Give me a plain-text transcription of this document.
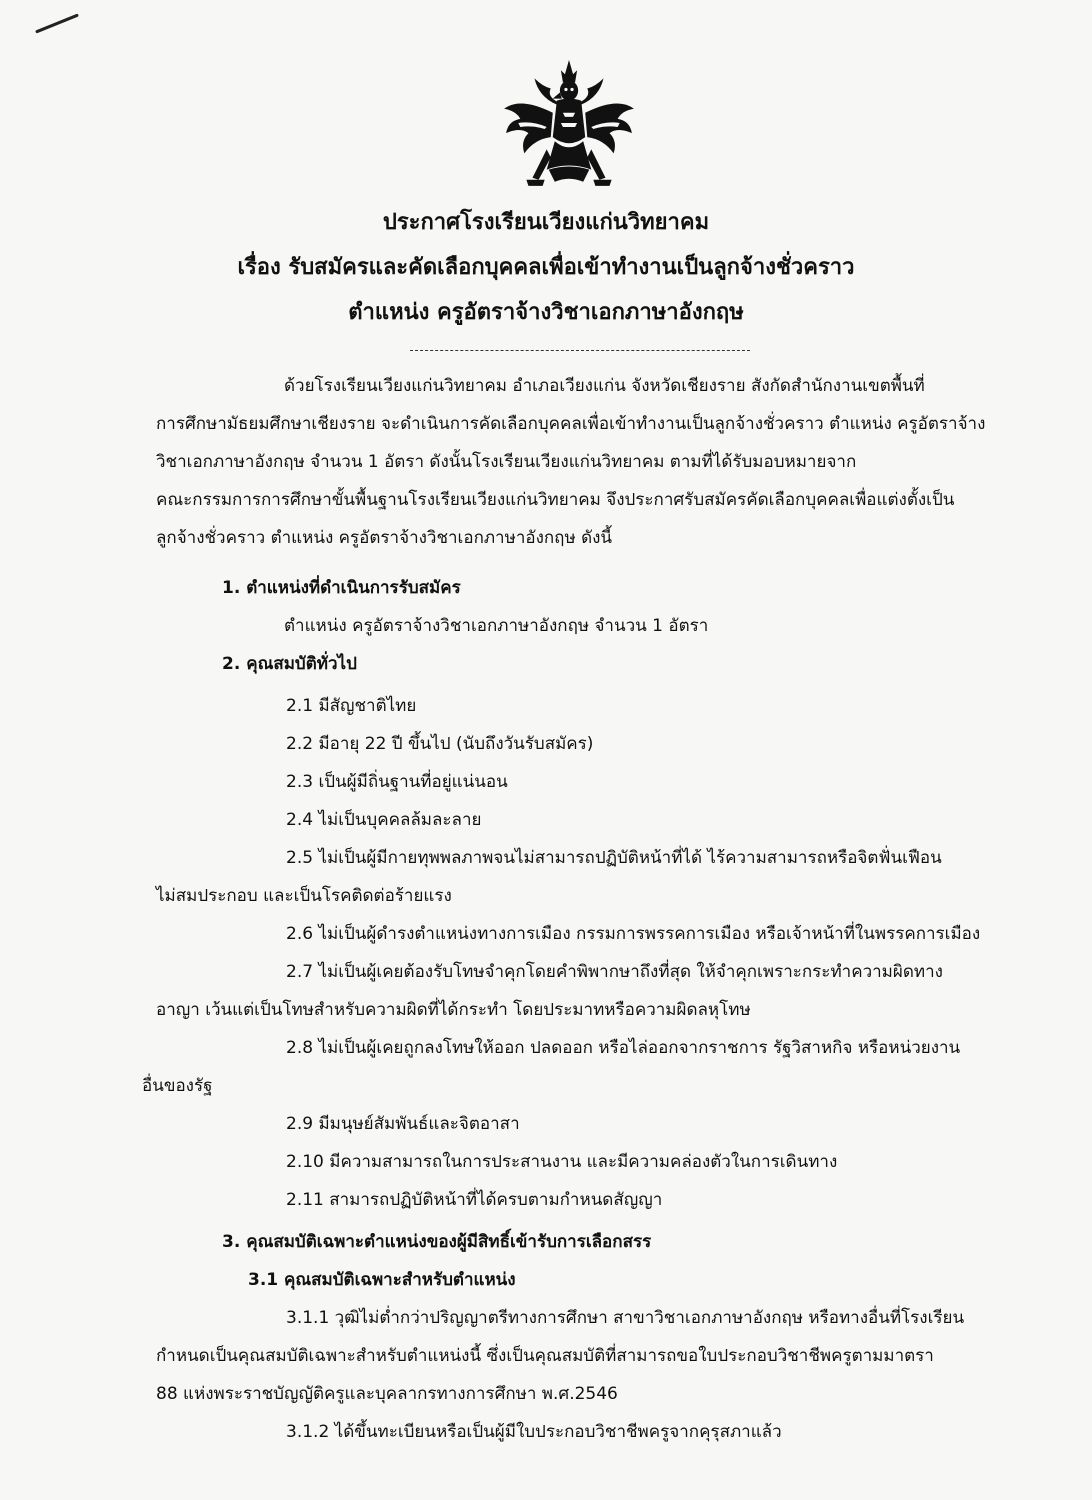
ประกาศโรงเรียนเวียงแก่นวิทยาคม
เรื่อง รับสมัครและคัดเลือกบุคคลเพื่อเข้าทำงานเป็นลูกจ้างชั่วคราว
ตำแหน่ง ครูอัตราจ้างวิชาเอกภาษาอังกฤษ
ด้วยโรงเรียนเวียงแก่นวิทยาคม อำเภอเวียงแก่น จังหวัดเชียงราย สังกัดสำนักงานเขตพื้นที่
การศึกษามัธยมศึกษาเชียงราย จะดำเนินการคัดเลือกบุคคลเพื่อเข้าทำงานเป็นลูกจ้างชั่วคราว ตำแหน่ง ครูอัตราจ้าง
วิชาเอกภาษาอังกฤษ จำนวน 1 อัตรา ดังนั้นโรงเรียนเวียงแก่นวิทยาคม ตามที่ได้รับมอบหมายจาก
คณะกรรมการการศึกษาขั้นพื้นฐานโรงเรียนเวียงแก่นวิทยาคม จึงประกาศรับสมัครคัดเลือกบุคคลเพื่อแต่งตั้งเป็น
ลูกจ้างชั่วคราว ตำแหน่ง ครูอัตราจ้างวิชาเอกภาษาอังกฤษ ดังนี้
1. ตำแหน่งที่ดำเนินการรับสมัคร
ตำแหน่ง ครูอัตราจ้างวิชาเอกภาษาอังกฤษ จำนวน 1 อัตรา
2. คุณสมบัติทั่วไป
2.1 มีสัญชาติไทย
2.2 มีอายุ 22 ปี ขึ้นไป (นับถึงวันรับสมัคร)
2.3 เป็นผู้มีถิ่นฐานที่อยู่แน่นอน
2.4 ไม่เป็นบุคคลล้มละลาย
2.5 ไม่เป็นผู้มีกายทุพพลภาพจนไม่สามารถปฏิบัติหน้าที่ได้ ไร้ความสามารถหรือจิตฟั่นเฟือน
ไม่สมประกอบ และเป็นโรคติดต่อร้ายแรง
2.6 ไม่เป็นผู้ดำรงตำแหน่งทางการเมือง กรรมการพรรคการเมือง หรือเจ้าหน้าที่ในพรรคการเมือง
2.7 ไม่เป็นผู้เคยต้องรับโทษจำคุกโดยคำพิพากษาถึงที่สุด ให้จำคุกเพราะกระทำความผิดทาง
อาญา เว้นแต่เป็นโทษสำหรับความผิดที่ได้กระทำ โดยประมาทหรือความผิดลหุโทษ
2.8 ไม่เป็นผู้เคยถูกลงโทษให้ออก ปลดออก หรือไล่ออกจากราชการ รัฐวิสาหกิจ หรือหน่วยงาน
อื่นของรัฐ
2.9 มีมนุษย์สัมพันธ์และจิตอาสา
2.10 มีความสามารถในการประสานงาน และมีความคล่องตัวในการเดินทาง
2.11 สามารถปฏิบัติหน้าที่ได้ครบตามกำหนดสัญญา
3. คุณสมบัติเฉพาะตำแหน่งของผู้มีสิทธิ์เข้ารับการเลือกสรร
3.1 คุณสมบัติเฉพาะสำหรับตำแหน่ง
3.1.1 วุฒิไม่ต่ำกว่าปริญญาตรีทางการศึกษา สาขาวิชาเอกภาษาอังกฤษ หรือทางอื่นที่โรงเรียน
กำหนดเป็นคุณสมบัติเฉพาะสำหรับตำแหน่งนี้ ซึ่งเป็นคุณสมบัติที่สามารถขอใบประกอบวิชาชีพครูตามมาตรา
88 แห่งพระราชบัญญัติครูและบุคลากรทางการศึกษา พ.ศ.2546
3.1.2 ได้ขึ้นทะเบียนหรือเป็นผู้มีใบประกอบวิชาชีพครูจากคุรุสภาแล้ว
